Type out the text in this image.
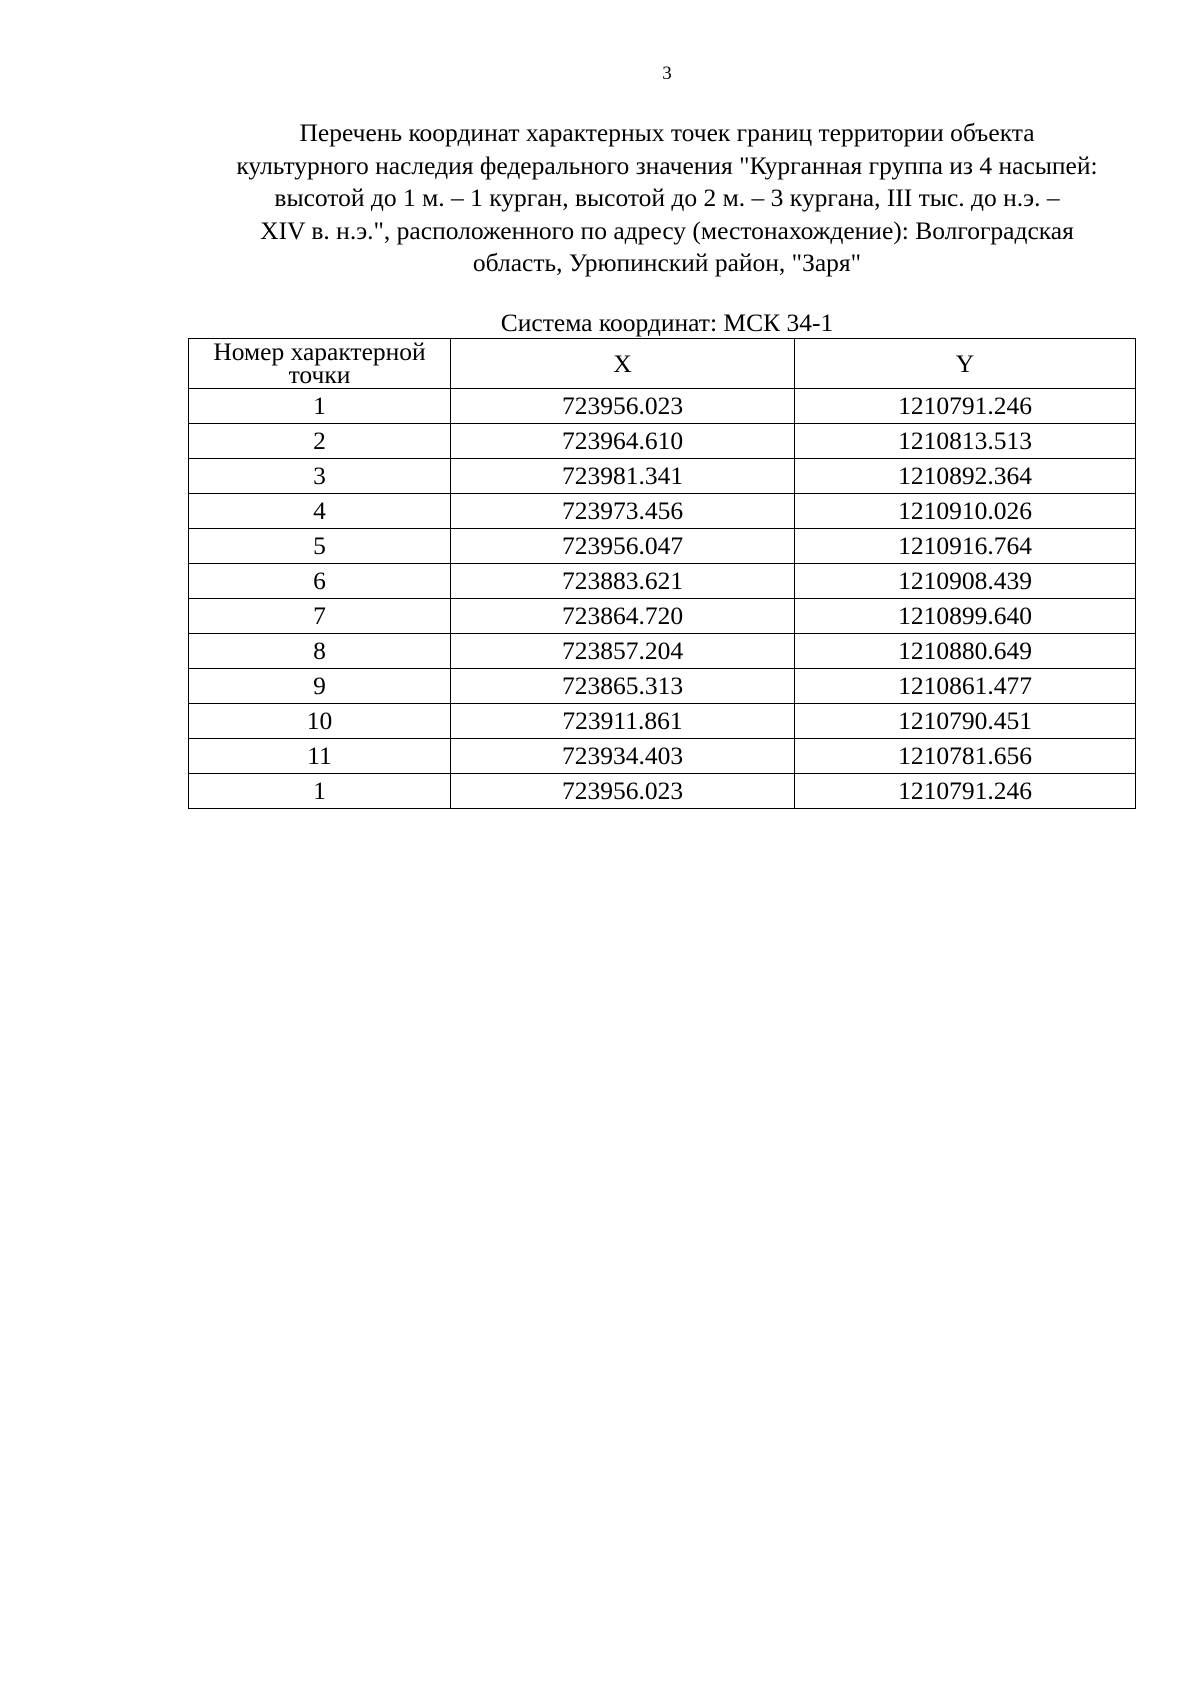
3
Перечень координат характерных точек границ территории объекта
культурного наследия федерального значения "Курганная группа из 4 насыпей:
высотой до 1 м. – 1 курган, высотой до 2 м. – 3 кургана, III тыс. до н.э. –
XIV в. н.э.", расположенного по адресу (местонахождение): Волгоградская
область, Урюпинский район, "Заря"
Система координат: МСК 34-1
Номер характерной
точки	X	Y
1	723956.023	1210791.246
2	723964.610	1210813.513
3	723981.341	1210892.364
4	723973.456	1210910.026
5	723956.047	1210916.764
6	723883.621	1210908.439
7	723864.720	1210899.640
8	723857.204	1210880.649
9	723865.313	1210861.477
10	723911.861	1210790.451
11	723934.403	1210781.656
1	723956.023	1210791.246
